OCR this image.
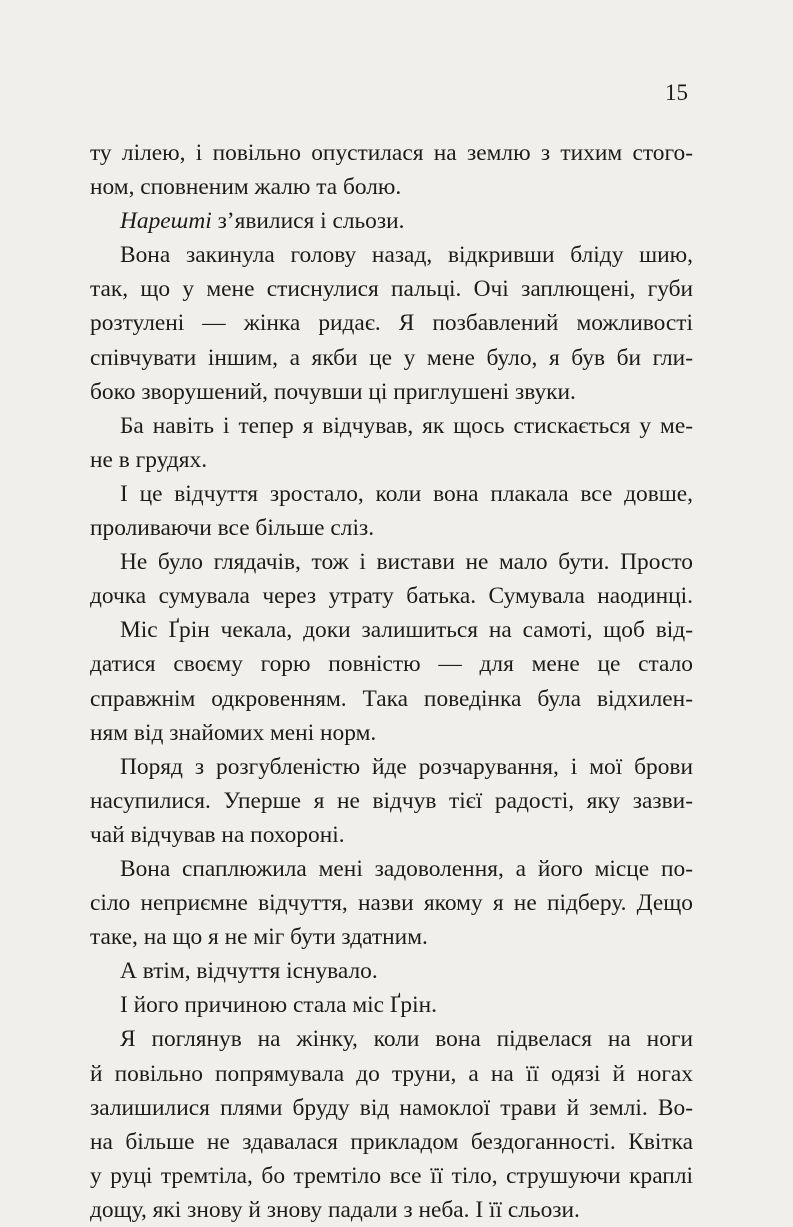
15
ту лілею, і повільно опустилася на землю з тихим стого-
ном, сповненим жалю та болю.
Нарешті з’явилися і сльози.
Вона закинула голову назад, відкривши бліду шию,
так, що у мене стиснулися пальці. Очі заплющені, губи
розтулені — жінка ридає. Я позбавлений можливості
співчувати іншим, а якби це у мене було, я був би гли-
боко зворушений, почувши ці приглушені звуки.
Ба навіть і тепер я відчував, як щось стискається у ме-
не в грудях.
І це відчуття зростало, коли вона плакала все довше,
проливаючи все більше сліз.
Не було глядачів, тож і вистави не мало бути. Просто
дочка сумувала через утрату батька. Сумувала наодинці.
Міс Ґрін чекала, доки залишиться на самоті, щоб від-
датися своєму горю повністю — для мене це стало
справжнім одкровенням. Така поведінка була відхилен-
ням від знайомих мені норм.
Поряд з розгубленістю йде розчарування, і мої брови
насупилися. Уперше я не відчув тієї радості, яку зазви-
чай відчував на похороні.
Вона спаплюжила мені задоволення, а його місце по-
сіло неприємне відчуття, назви якому я не підберу. Дещо
таке, на що я не міг бути здатним.
А втім, відчуття існувало.
І його причиною стала міс Ґрін.
Я поглянув на жінку, коли вона підвелася на ноги
й повільно попрямувала до труни, а на її одязі й ногах
залишилися плями бруду від намоклої трави й землі. Во-
на більше не здавалася прикладом бездоганності. Квітка
у руці тремтіла, бо тремтіло все її тіло, струшуючи краплі
дощу, які знову й знову падали з неба. І її сльози.
